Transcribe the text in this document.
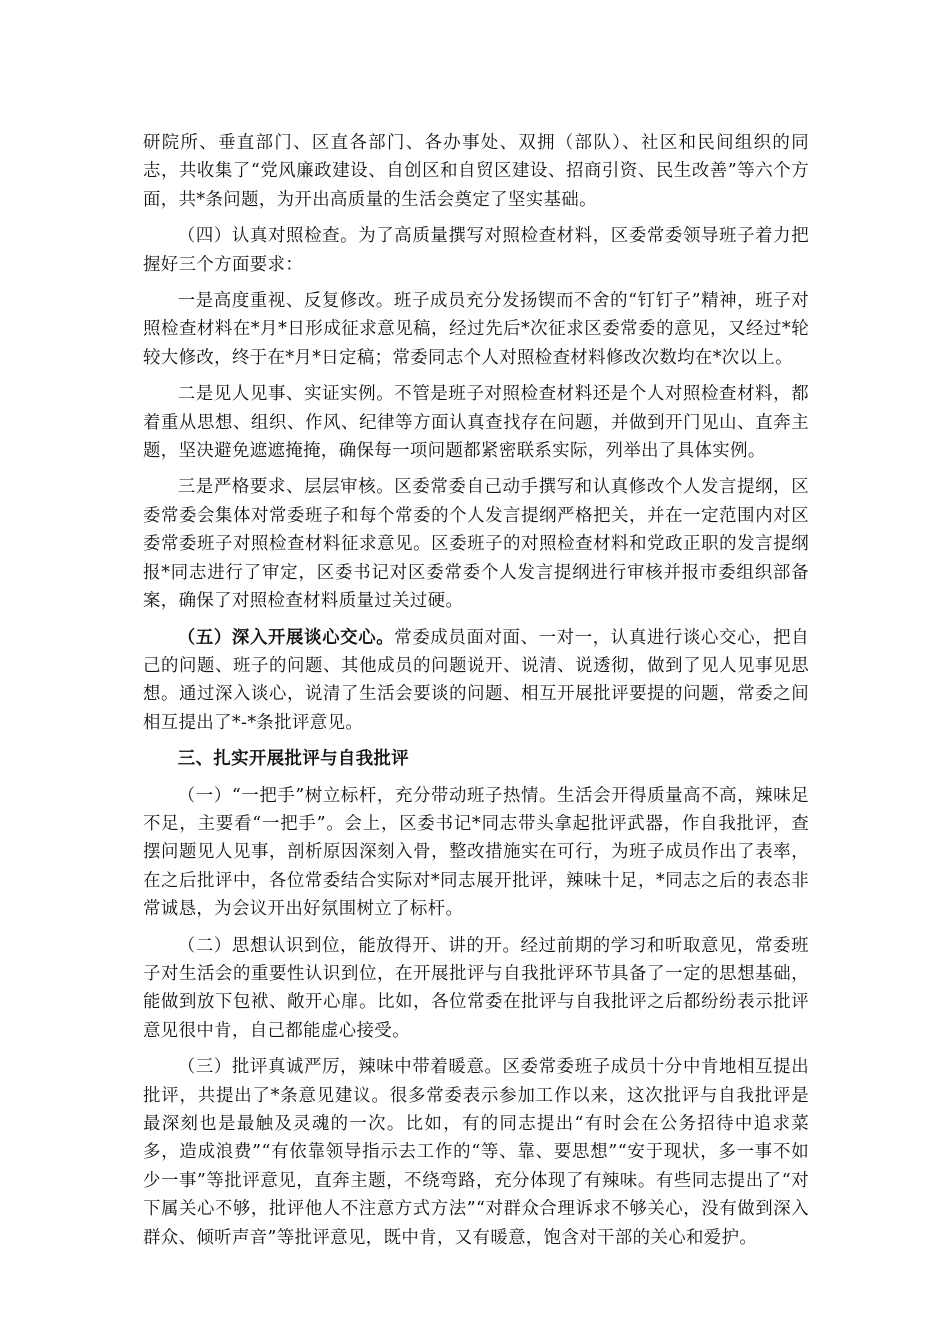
研院所、垂直部门、区直各部门、各办事处、双拥（部队）、社区和民间组织的同志，共收集了“党风廉政建设、自创区和自贸区建设、招商引资、民生改善”等六个方面，共*条问题，为开出高质量的生活会奠定了坚实基础。

（四）认真对照检查。为了高质量撰写对照检查材料，区委常委领导班子着力把握好三个方面要求：

一是高度重视、反复修改。班子成员充分发扬锲而不舍的“钉钉子”精神，班子对照检查材料在*月*日形成征求意见稿，经过先后*次征求区委常委的意见，又经过*轮较大修改，终于在*月*日定稿；常委同志个人对照检查材料修改次数均在*次以上。

二是见人见事、实证实例。不管是班子对照检查材料还是个人对照检查材料，都着重从思想、组织、作风、纪律等方面认真查找存在问题，并做到开门见山、直奔主题，坚决避免遮遮掩掩，确保每一项问题都紧密联系实际，列举出了具体实例。

三是严格要求、层层审核。区委常委自己动手撰写和认真修改个人发言提纲，区委常委会集体对常委班子和每个常委的个人发言提纲严格把关，并在一定范围内对区委常委班子对照检查材料征求意见。区委班子的对照检查材料和党政正职的发言提纲报*同志进行了审定，区委书记对区委常委个人发言提纲进行审核并报市委组织部备案，确保了对照检查材料质量过关过硬。

（五）深入开展谈心交心。常委成员面对面、一对一，认真进行谈心交心，把自己的问题、班子的问题、其他成员的问题说开、说清、说透彻，做到了见人见事见思想。通过深入谈心，说清了生活会要谈的问题、相互开展批评要提的问题，常委之间相互提出了*-*条批评意见。

三、扎实开展批评与自我批评

（一）“一把手”树立标杆，充分带动班子热情。生活会开得质量高不高，辣味足不足，主要看“一把手”。会上，区委书记*同志带头拿起批评武器，作自我批评，查摆问题见人见事，剖析原因深刻入骨，整改措施实在可行，为班子成员作出了表率，在之后批评中，各位常委结合实际对*同志展开批评，辣味十足，*同志之后的表态非常诚恳，为会议开出好氛围树立了标杆。

（二）思想认识到位，能放得开、讲的开。经过前期的学习和听取意见，常委班子对生活会的重要性认识到位，在开展批评与自我批评环节具备了一定的思想基础，能做到放下包袱、敞开心扉。比如，各位常委在批评与自我批评之后都纷纷表示批评意见很中肯，自己都能虚心接受。

（三）批评真诚严厉，辣味中带着暖意。区委常委班子成员十分中肯地相互提出批评，共提出了*条意见建议。很多常委表示参加工作以来，这次批评与自我批评是最深刻也是最触及灵魂的一次。比如，有的同志提出“有时会在公务招待中追求菜多，造成浪费”“有依靠领导指示去工作的“等、靠、要思想”“安于现状，多一事不如少一事”等批评意见，直奔主题，不绕弯路，充分体现了有辣味。有些同志提出了“对下属关心不够，批评他人不注意方式方法”“对群众合理诉求不够关心，没有做到深入群众、倾听声音”等批评意见，既中肯，又有暖意，饱含对干部的关心和爱护。
